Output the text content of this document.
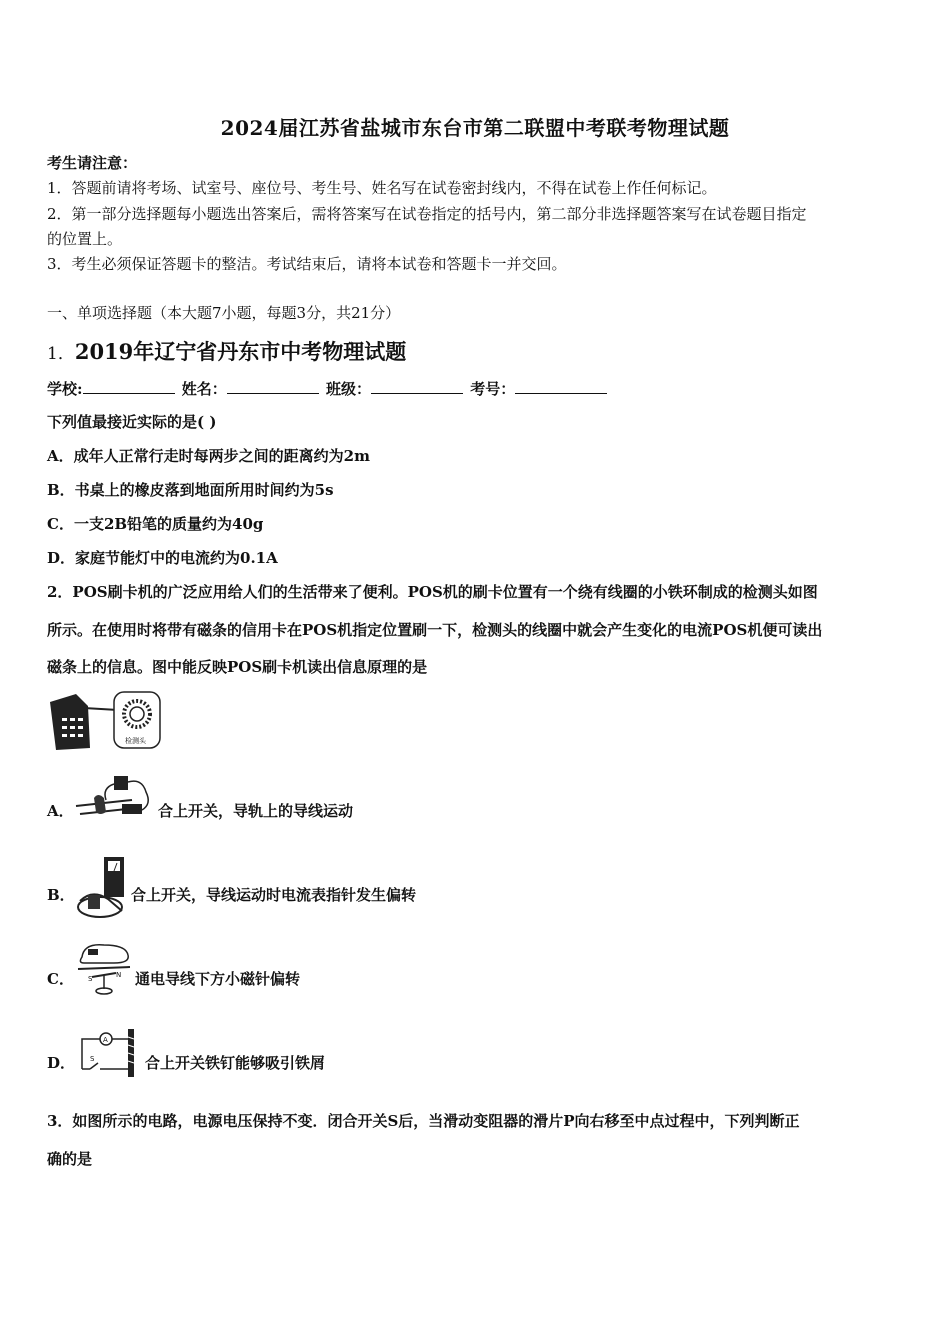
2024届江苏省盐城市东台市第二联盟中考联考物理试题
考生请注意：
1．答题前请将考场、试室号、座位号、考生号、姓名写在试卷密封线内，不得在试卷上作任何标记。
2．第一部分选择题每小题选出答案后，需将答案写在试卷指定的括号内，第二部分非选择题答案写在试卷题目指定
的位置上。
3．考生必须保证答题卡的整洁。考试结束后，请将本试卷和答题卡一并交回。
一、单项选择题（本大题7小题，每题3分，共21分）
1．2019年辽宁省丹东市中考物理试题
学校:	姓名：	班级：	考号：
下列值最接近实际的是( )
A．成年人正常行走时每两步之间的距离约为2m
B．书桌上的橡皮落到地面所用时间约为5s
C．一支2B铅笔的质量约为40g
D．家庭节能灯中的电流约为0.1A
2．POS刷卡机的广泛应用给人们的生活带来了便利。POS机的刷卡位置有一个绕有线圈的小铁环制成的检测头如图
所示。在使用时将带有磁条的信用卡在POS机指定位置刷一下，检测头的线圈中就会产生变化的电流POS机便可读出
磁条上的信息。图中能反映POS刷卡机读出信息原理的是
检测头
A．	合上开关，导轨上的导线运动
B．	合上开关，导线运动时电流表指针发生偏转
C． S	N 通电导线下方小磁针偏转
D．
A
S	合上开关铁钉能够吸引铁屑
3．如图所示的电路，电源电压保持不变．闭合开关S后，当滑动变阻器的滑片P向右移至中点过程中，下列判断正
确的是
